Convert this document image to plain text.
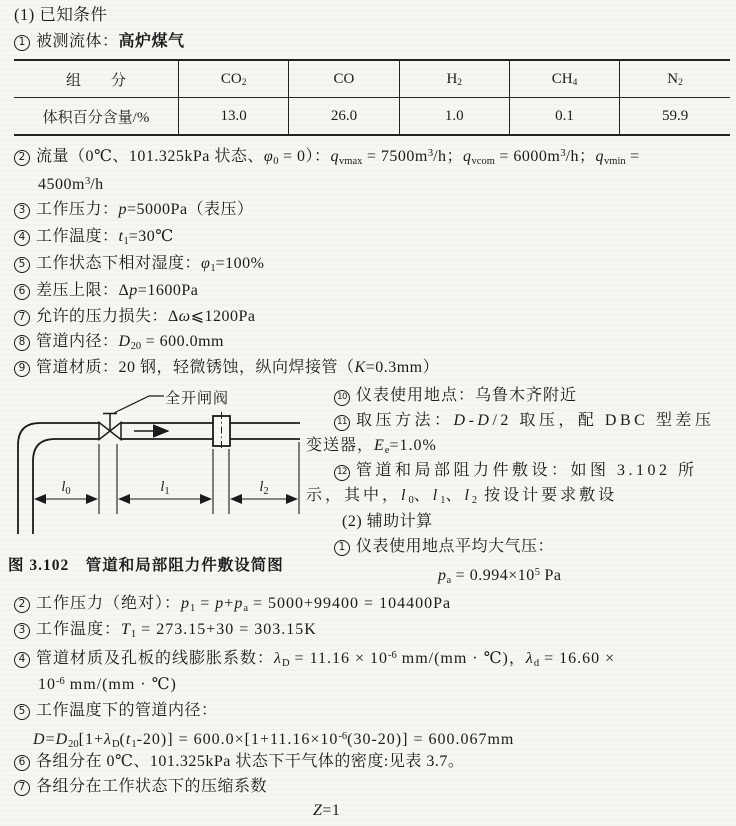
(1) 已知条件
1 被测流体：高炉煤气
组　　分	$CO_2$	CO	$H_2$	$CH_4$	$N_2$
体积百分含量/%	13.0	26.0	1.0	0.1	59.9
2 流量（0℃、101.325kPa 状态、$\varphi_0 = 0$）：$q_{vmax} = 7500m^3/h$；$q_{vcom} = 6000m^3/h$；$q_{vmin}$ =
$4500m^3/h$
3 工作压力：p=5000Pa（表压）
4 工作温度：$t_1=30℃$
5 工作状态下相对湿度：$\varphi_1=100\%$
6 差压上限：Δp=1600Pa
7 允许的压力损失：Δω⩽1200Pa
8 管道内径：$D_{20} = 600.0mm$
9 管道材质：20 钢，轻微锈蚀，纵向焊接管（K=0.3mm）
全开闸阀
$l_0$	$l_1$	$l_2$
图 3.102　管道和局部阻力件敷设简图
10 仪表使用地点：乌鲁木齐附近
11 取压方法：D-D/2 取压，配 DBC 型差压
变送器，$E_e=1.0\%$
12 管道和局部阻力件敷设：如图 3.102 所
示，其中，$l_0$、$l_1$、$l_2$ 按设计要求敷设
(2) 辅助计算
1 仪表使用地点平均大气压：
$p_a = 0.994\times 10^5$ Pa
2 工作压力（绝对）：$p_1 = p+p_a = 5000+99400 = 104400Pa$
3 工作温度：$T_1 = 273.15+30 = 303.15K$
4 管道材质及孔板的线膨胀系数：$\lambda_D = 11.16 \times 10^{-6}$ mm/(mm · ℃)，$\lambda_d = 16.60$ ×
$10^{-6}$ mm/(mm · ℃)
5 工作温度下的管道内径：
$D=D_{20}[1+\lambda_D(t_1-20)] = 600.0\times[1+11.16\times 10^{-6}(30-20)] = 600.067mm$
6 各组分在 0℃、101.325kPa 状态下干气体的密度:见表 3.7。
7 各组分在工作状态下的压缩系数
Z=1
